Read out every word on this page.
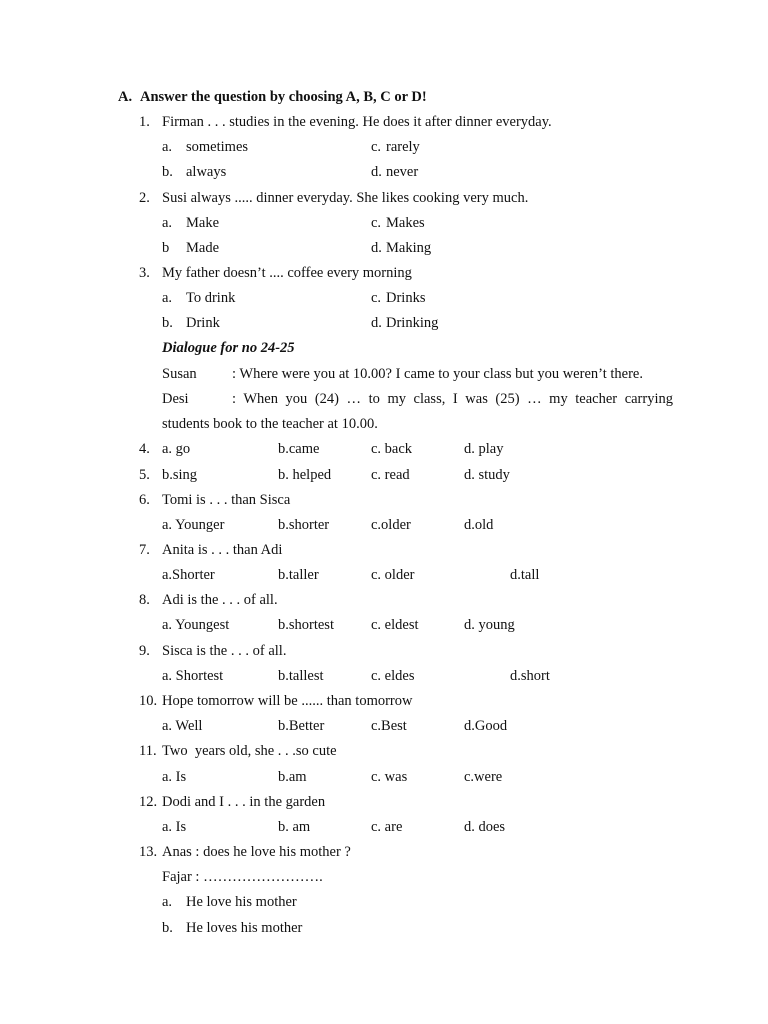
A. Answer the question by choosing A, B, C or D!
1. Firman . . . studies in the evening. He does it after dinner everyday.
a. sometimes	c. rarely
b. always	d. never
2. Susi always ..... dinner everyday. She likes cooking very much.
a. Make	c. Makes
b Made	d. Making
3. My father doesn’t .... coffee every morning
a. To drink	c. Drinks
b. Drink	d. Drinking
Dialogue for no 24-25
Susan : Where were you at 10.00? I came to your class but you weren’t there.
Desi	: When you (24) … to my class, I was (25) … my teacher carrying
students book to the teacher at 10.00.
4. a. go	b.came	c. back	d. play
5. b.sing	b. helped	c. read	d. study
6. Tomi is . . . than Sisca
a. Younger	b.shorter	c.older	d.old
7. Anita is . . . than Adi
a.Shorter	b.taller	c. older	d.tall
8. Adi is the . . . of all.
a. Youngest	b.shortest	c. eldest	d. young
9. Sisca is the . . . of all.
a. Shortest	b.tallest	c. eldes	d.short
10. Hope tomorrow will be ...... than tomorrow
a. Well	b.Better	c.Best	d.Good
11. Two  years old, she . . .so cute
a. Is	b.am	c. was	c.were
12. Dodi and I . . . in the garden
a. Is	b. am	c. are	d. does
13. Anas : does he love his mother ?
Fajar : …………………….
a. He love his mother
b. He loves his mother
